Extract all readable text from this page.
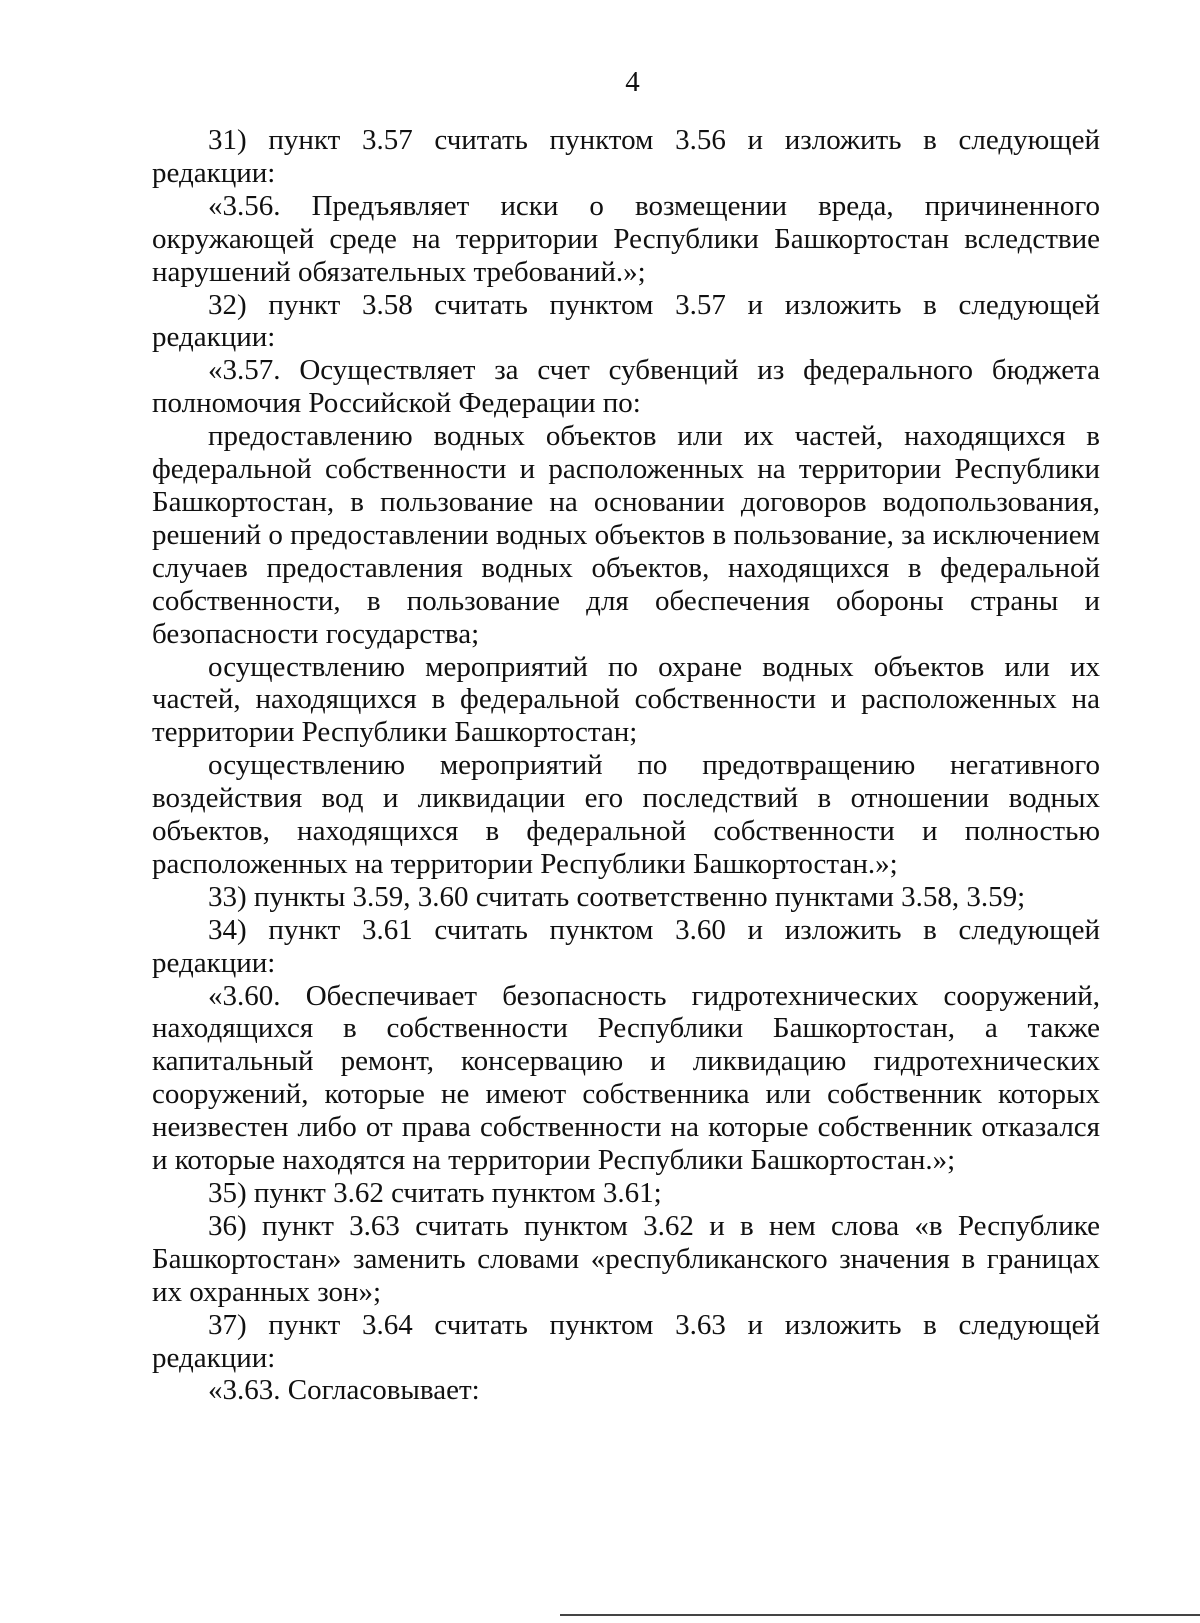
4

31) пункт 3.57 считать пунктом 3.56 и изложить в следующей редакции:

«3.56. Предъявляет иски о возмещении вреда, причиненного окружающей среде на территории Республики Башкортостан вследствие нарушений обязательных требований.»;

32) пункт 3.58 считать пунктом 3.57 и изложить в следующей редакции:

«3.57. Осуществляет за счет субвенций из федерального бюджета полномочия Российской Федерации по:

предоставлению водных объектов или их частей, находящихся в федеральной собственности и расположенных на территории Республики Башкортостан, в пользование на основании договоров водопользования, решений о предоставлении водных объектов в пользование, за исключением случаев предоставления водных объектов, находящихся в федеральной собственности, в пользование для обеспечения обороны страны и безопасности государства;

осуществлению мероприятий по охране водных объектов или их частей, находящихся в федеральной собственности и расположенных на территории Республики Башкортостан;

осуществлению мероприятий по предотвращению негативного воздействия вод и ликвидации его последствий в отношении водных объектов, находящихся в федеральной собственности и полностью расположенных на территории Республики Башкортостан.»;

33) пункты 3.59, 3.60 считать соответственно пунктами 3.58, 3.59;

34) пункт 3.61 считать пунктом 3.60 и изложить в следующей редакции:

«3.60. Обеспечивает безопасность гидротехнических сооружений, находящихся в собственности Республики Башкортостан, а также капитальный ремонт, консервацию и ликвидацию гидротехнических сооружений, которые не имеют собственника или собственник которых неизвестен либо от права собственности на которые собственник отказался и которые находятся на территории Республики Башкортостан.»;

35) пункт 3.62 считать пунктом 3.61;

36) пункт 3.63 считать пунктом 3.62 и в нем слова «в Республике Башкортостан» заменить словами «республиканского значения в границах их охранных зон»;

37) пункт 3.64 считать пунктом 3.63 и изложить в следующей редакции:

«3.63. Согласовывает:
